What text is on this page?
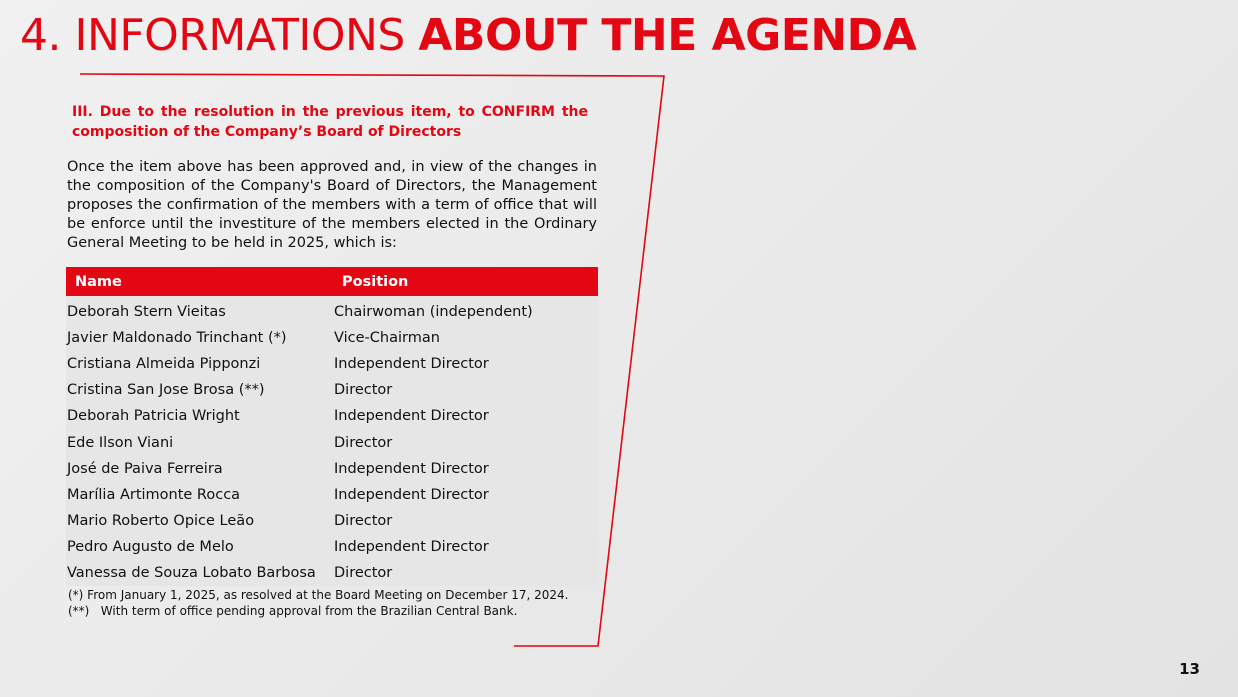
4. INFORMATIONS ABOUT THE AGENDA

III. Due to the resolution in the previous item, to CONFIRM the composition of the Company’s Board of Directors

Once the item above has been approved and, in view of the changes in the composition of the Company's Board of Directors, the Management proposes the confirmation of the members with a term of office that will be enforce until the investiture of the members elected in the Ordinary General Meeting to be held in 2025, which is:

Name	Position
Deborah Stern Vieitas	Chairwoman (independent)
Javier Maldonado Trinchant (*)	Vice-Chairman
Cristiana Almeida Pipponzi	Independent Director
Cristina San Jose Brosa (**)	Director
Deborah Patricia Wright	Independent Director
Ede Ilson Viani	Director
José de Paiva Ferreira	Independent Director
Marília Artimonte Rocca	Independent Director
Mario Roberto Opice Leão	Director
Pedro Augusto de Melo	Independent Director
Vanessa de Souza Lobato Barbosa	Director

(*) From January 1, 2025, as resolved at the Board Meeting on December 17, 2024.

(**)   With term of office pending approval from the Brazilian Central Bank.

13
